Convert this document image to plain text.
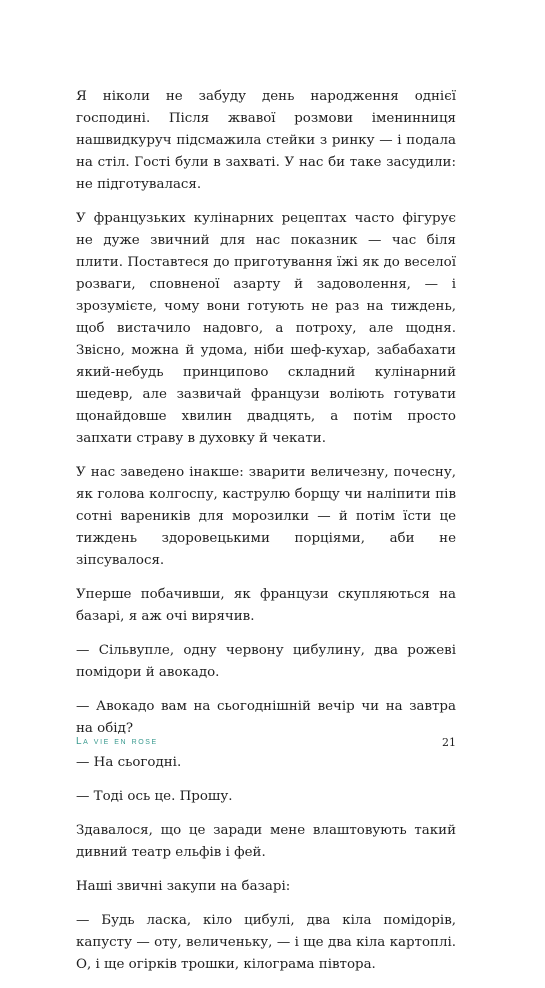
Я ніколи не забуду день народження однієї господині. Після жвавої розмови іменинниця нашвидкуруч підсмажила стейки з ринку — і подала на стіл. Гості були в захваті. У нас би таке засудили: не підготувалася.

У французьких кулінарних рецептах часто фігурує не дуже звичний для нас показник — час біля плити. Поставтеся до приготування їжі як до веселої розваги, сповненої азарту й задоволення, — і зрозумієте, чому вони готують не раз на тиждень, щоб вистачило надовго, а потроху, але щодня. Звісно, можна й удома, ніби шеф-кухар, забабахати який-небудь принципово складний кулінарний шедевр, але зазвичай французи воліють готувати щонайдовше хвилин двадцять, а потім просто запхати страву в духовку й чекати.

У нас заведено інакше: зварити величезну, почесну, як голова колгоспу, каструлю борщу чи наліпити пів сотні вареників для морозилки — й потім їсти це тиждень здоровецькими порціями, аби не зіпсувалося.

Уперше побачивши, як французи скупляються на базарі, я аж очі вирячив.

— Сільвупле, одну червону цибулину, два рожеві помідори й авокадо.

— Авокадо вам на сьогоднішній вечір чи на завтра на обід?

— На сьогодні.

— Тоді ось це. Прошу.

Здавалося, що це заради мене влаштовують такий дивний театр ельфів і фей.

Наші звичні закупи на базарі:

— Будь ласка, кіло цибулі, два кіла помідорів, капусту — оту, величеньку, — і ще два кіла картоплі. О, і ще огірків трошки, кілограма півтора.

La vie en rose	21
